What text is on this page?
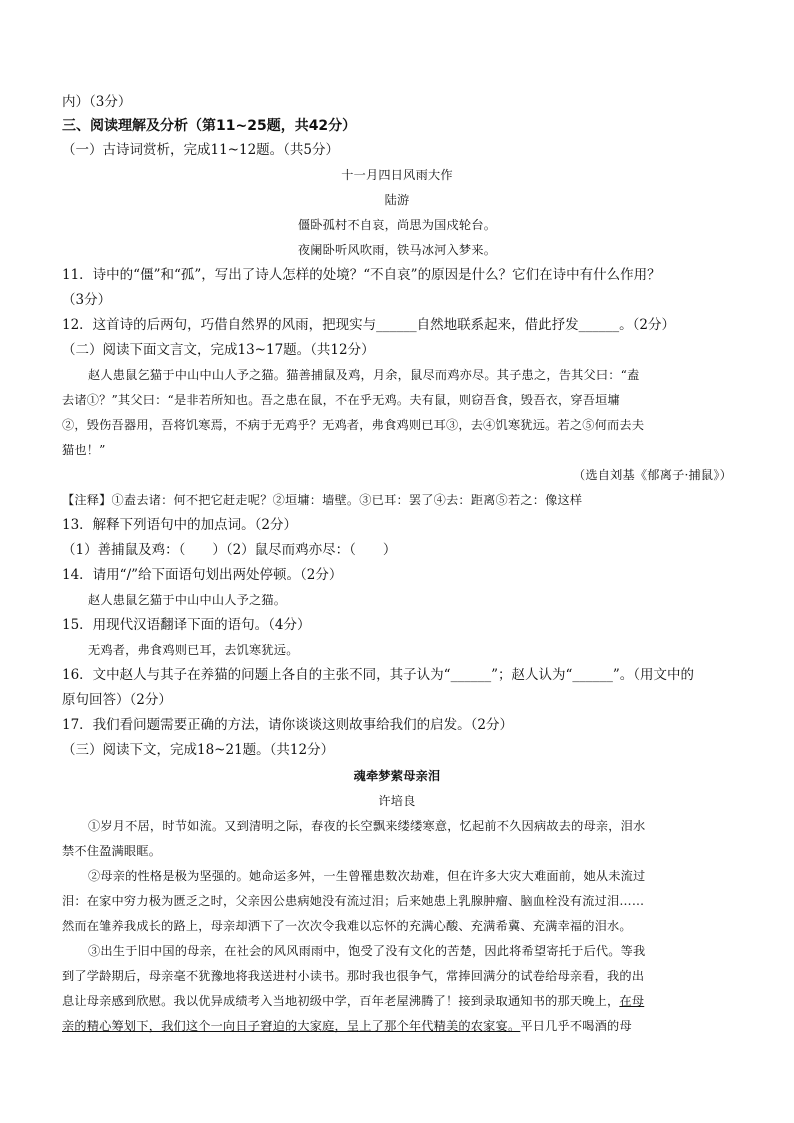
内）（3分）
三、阅读理解及分析（第11~25题，共42分）
（一）古诗词赏析，完成11~12题。（共5分）
十一月四日风雨大作
陆游
僵卧孤村不自哀，尚思为国戍轮台。
夜阑卧听风吹雨，铁马冰河入梦来。
11．诗中的“僵”和“孤”，写出了诗人怎样的处境？“不自哀”的原因是什么？它们在诗中有什么作用？
（3分）
12．这首诗的后两句，巧借自然界的风雨，把现实与______自然地联系起来，借此抒发______。（2分）
（二）阅读下面文言文，完成13~17题。（共12分）
赵人患鼠乞猫于中山中山人予之猫。猫善捕鼠及鸡，月余，鼠尽而鸡亦尽。其子患之，告其父曰：“盍
去诸①？”其父曰：“是非若所知也。吾之患在鼠，不在乎无鸡。夫有鼠，则窃吾食，毁吾衣，穿吾垣墉
②，毁伤吾器用，吾将饥寒焉，不病于无鸡乎？无鸡者，弗食鸡则已耳③，去④饥寒犹远。若之⑤何而去夫
猫也！”
（选自刘基《郁离子·捕鼠》）
【注释】①盍去诸：何不把它赶走呢？②垣墉：墙壁。③已耳：罢了④去：距离⑤若之：像这样
13．解释下列语句中的加点词。（2分）
（1）善捕鼠及鸡：（　　）（2）鼠尽而鸡亦尽：（　　）
14．请用“/”给下面语句划出两处停顿。（2分）
赵人患鼠乞猫于中山中山人予之猫。
15．用现代汉语翻译下面的语句。（4分）
无鸡者，弗食鸡则已耳，去饥寒犹远。
16．文中赵人与其子在养猫的问题上各自的主张不同，其子认为“______”；赵人认为“______”。（用文中的
原句回答）（2分）
17．我们看问题需要正确的方法，请你谈谈这则故事给我们的启发。（2分）
（三）阅读下文，完成18~21题。（共12分）
魂牵梦萦母亲泪
许培良
①岁月不居，时节如流。又到清明之际，春夜的长空飘来缕缕寒意，忆起前不久因病故去的母亲，泪水
禁不住盈满眼眶。
②母亲的性格是极为坚强的。她命运多舛，一生曾罹患数次劫难，但在许多大灾大难面前，她从未流过
泪：在家中穷力极为匮乏之时，父亲因公患病她没有流过泪；后来她患上乳腺肿瘤、脑血栓没有流过泪……
然而在雏养我成长的路上，母亲却洒下了一次次令我难以忘怀的充满心酸、充满希冀、充满幸福的泪水。
③出生于旧中国的母亲，在社会的风风雨雨中，饱受了没有文化的苦楚，因此将希望寄托于后代。等我
到了学龄期后，母亲毫不犹豫地将我送进村小读书。那时我也很争气，常捧回满分的试卷给母亲看，我的出
息让母亲感到欣慰。我以优异成绩考入当地初级中学，百年老屋沸腾了！接到录取通知书的那天晚上，在母
亲的精心筹划下，我们这个一向日子窘迫的大家庭，呈上了那个年代精美的农家宴。平日几乎不喝酒的母
